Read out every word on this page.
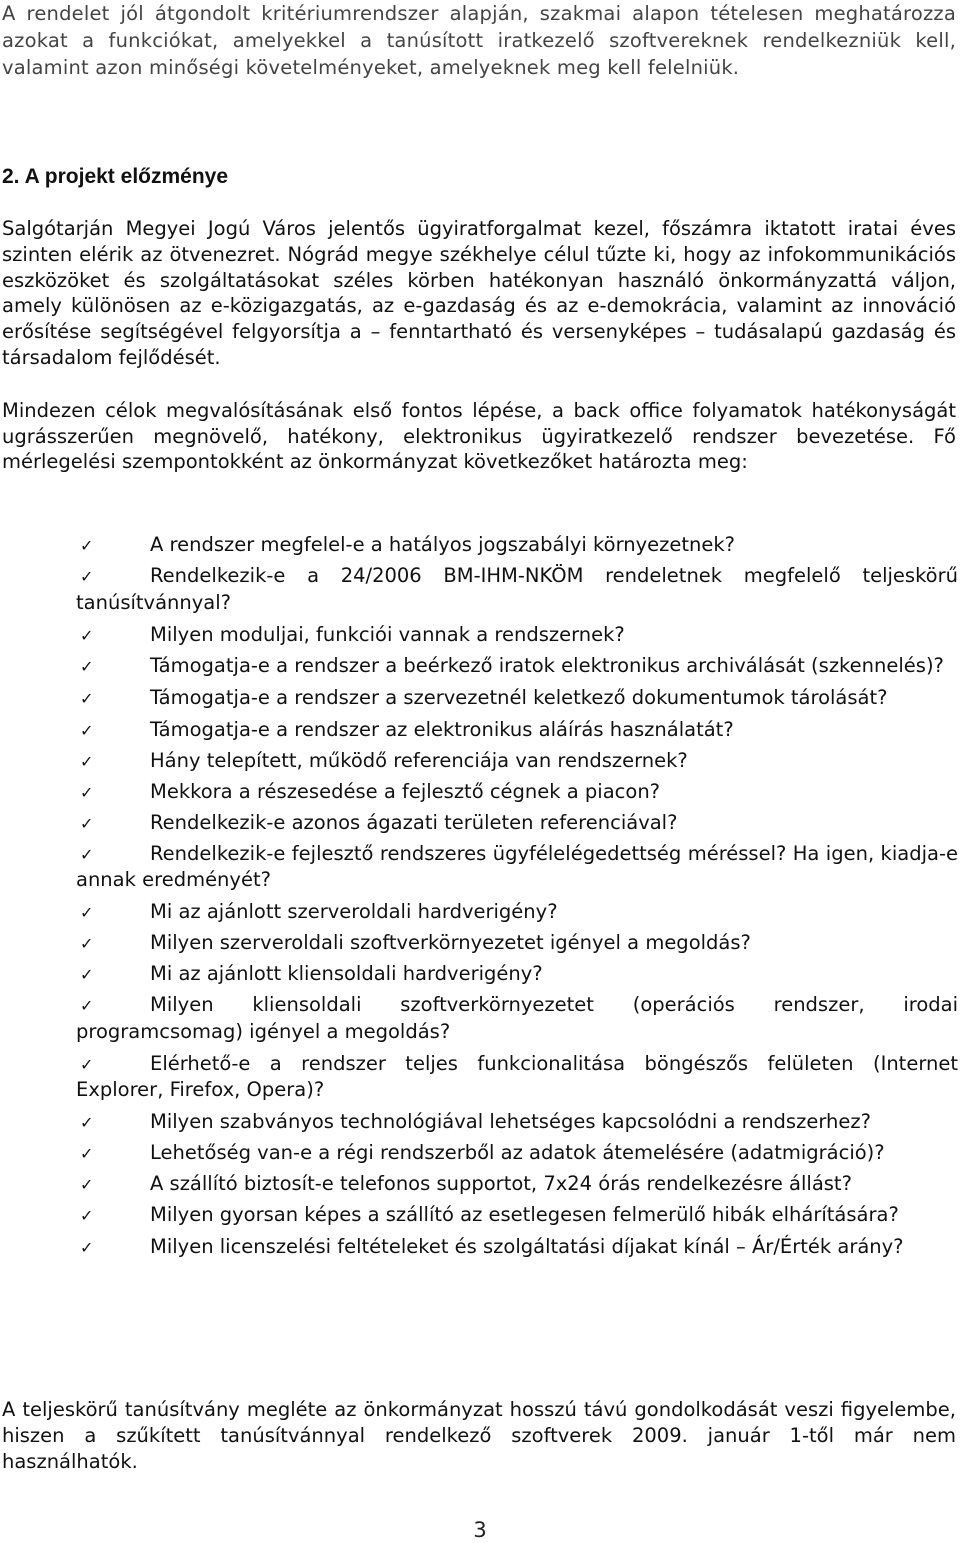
A rendelet jól átgondolt kritériumrendszer alapján, szakmai alapon tételesen meghatározza azokat a funkciókat, amelyekkel a tanúsított iratkezelő szoftvereknek rendelkezniük kell, valamint azon minőségi követelményeket, amelyeknek meg kell felelniük.

2. A projekt előzménye

Salgótarján Megyei Jogú Város jelentős ügyiratforgalmat kezel, főszámra iktatott iratai éves szinten elérik az ötvenezret. Nógrád megye székhelye célul tűzte ki, hogy az infokommunikációs eszközöket és szolgáltatásokat széles körben hatékonyan használó önkormányzattá váljon, amely különösen az e-közigazgatás, az e-gazdaság és az e-demokrácia, valamint az innováció erősítése segítségével felgyorsítja a – fenntartható és versenyképes – tudásalapú gazdaság és társadalom fejlődését.

Mindezen célok megvalósításának első fontos lépése, a back office folyamatok hatékonyságát ugrásszerűen megnövelő, hatékony, elektronikus ügyiratkezelő rendszer bevezetése. Fő mérlegelési szempontokként az önkormányzat következőket határozta meg:

✓	A rendszer megfelel-e a hatályos jogszabályi környezetnek?
✓	Rendelkezik-e a 24/2006 BM-IHM-NKÖM rendeletnek megfelelő teljeskörű tanúsítvánnyal?
✓	Milyen moduljai, funkciói vannak a rendszernek?
✓	Támogatja-e a rendszer a beérkező iratok elektronikus archiválását (szkennelés)?
✓	Támogatja-e a rendszer a szervezetnél keletkező dokumentumok tárolását?
✓	Támogatja-e a rendszer az elektronikus aláírás használatát?
✓	Hány telepített, működő referenciája van rendszernek?
✓	Mekkora a részesedése a fejlesztő cégnek a piacon?
✓	Rendelkezik-e azonos ágazati területen referenciával?
✓	Rendelkezik-e fejlesztő rendszeres ügyfélelégedettség méréssel? Ha igen, kiadja-e annak eredményét?
✓	Mi az ajánlott szerveroldali hardverigény?
✓	Milyen szerveroldali szoftverkörnyezetet igényel a megoldás?
✓	Mi az ajánlott kliensoldali hardverigény?
✓	Milyen kliensoldali szoftverkörnyezetet (operációs rendszer, irodai programcsomag) igényel a megoldás?
✓	Elérhető-e a rendszer teljes funkcionalitása böngészős felületen (Internet Explorer, Firefox, Opera)?
✓	Milyen szabványos technológiával lehetséges kapcsolódni a rendszerhez?
✓	Lehetőség van-e a régi rendszerből az adatok átemelésére (adatmigráció)?
✓	A szállító biztosít-e telefonos supportot, 7x24 órás rendelkezésre állást?
✓	Milyen gyorsan képes a szállító az esetlegesen felmerülő hibák elhárítására?
✓	Milyen licenszelési feltételeket és szolgáltatási díjakat kínál – Ár/Érték arány?

A teljeskörű tanúsítvány megléte az önkormányzat hosszú távú gondolkodását veszi figyelembe, hiszen a szűkített tanúsítvánnyal rendelkező szoftverek 2009. január 1-től már nem használhatók.

3
